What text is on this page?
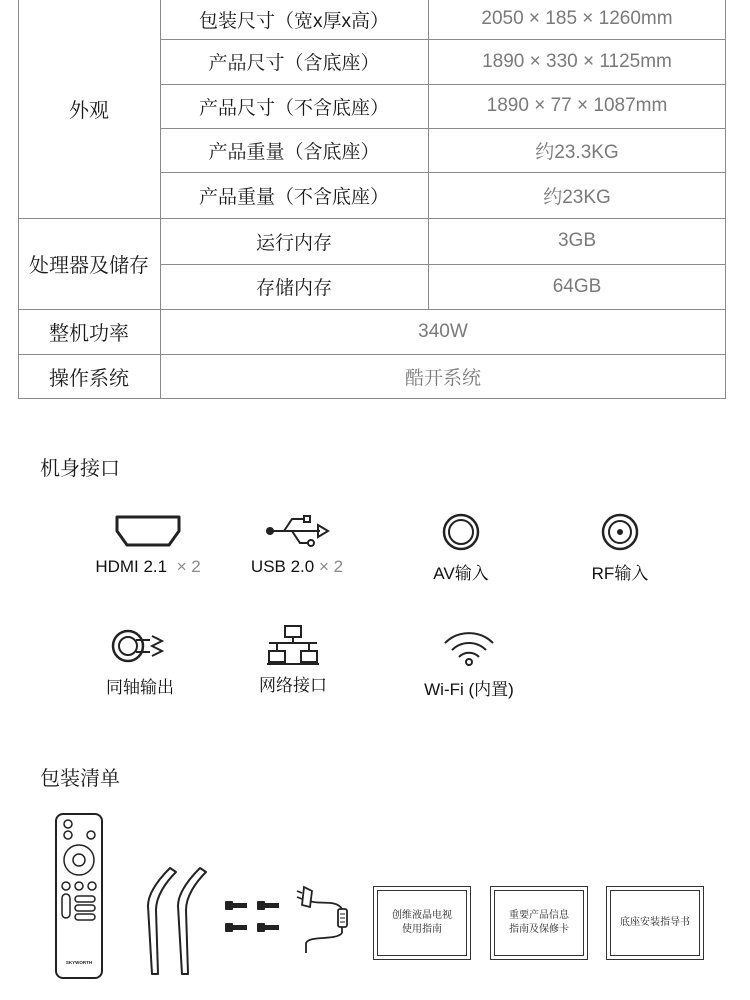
外观
包装尺寸（宽x厚x高）	2050 × 185 × 1260mm
产品尺寸（含底座）	1890 × 330 × 1125mm
产品尺寸（不含底座）	1890 × 77 × 1087mm
产品重量（含底座）	约23.3KG
产品重量（不含底座）	约23KG
处理器及储存
运行内存	3GB
存储内存	64GB
整机功率	340W
操作系统	酷开系统
机身接口
HDMI 2.1 × 2	USB 2.0 × 2	AV输入	RF输入
同轴输出	网络接口	Wi-Fi (内置)
包装清单
SKYWORTH
创维液晶电视
使用指南
重要产品信息
指南及保修卡
底座安装指导书
